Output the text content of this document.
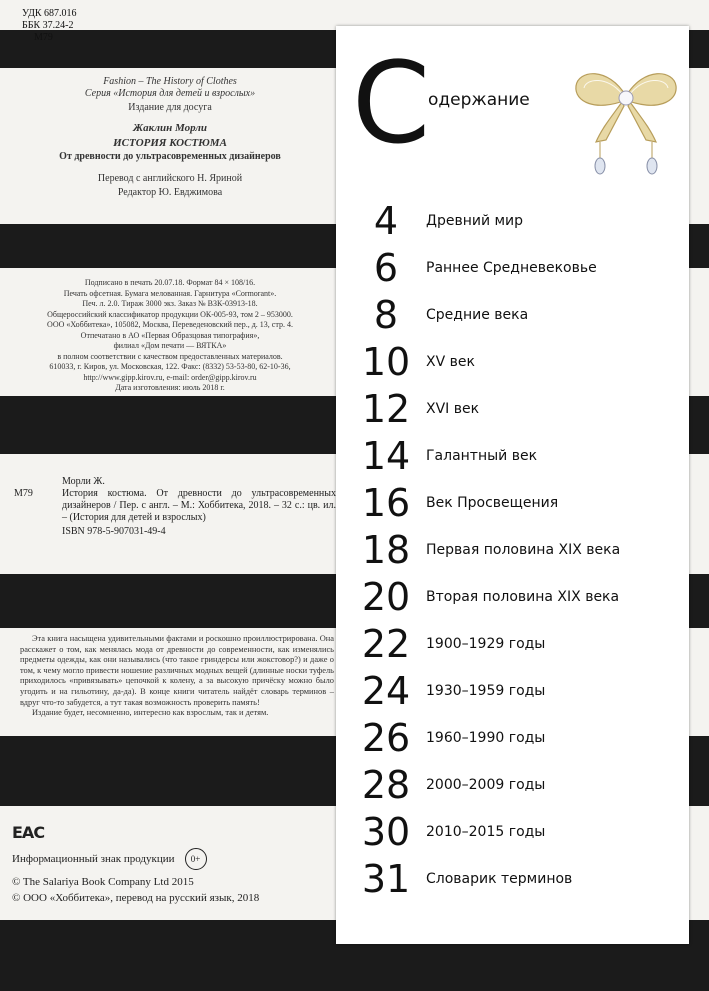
УДК 687.016
ББК 37.24-2
М79
Fashion – The History of Clothes
Серия «История для детей и взрослых»
Издание для досуга
Жаклин Морли
ИСТОРИЯ КОСТЮМА
От древности до ультрасовременных дизайнеров
Перевод с английского Н. Яриной
Редактор Ю. Евджимова
Подписано в печать 20.07.18. Формат 84 × 108/16.
Печать офсетная. Бумага мелованная. Гарнитура «Cormorant».
Печ. л. 2.0. Тираж 3000 экз. Заказ № ВЗК-03913-18.
Общероссийский классификатор продукции ОК-005-93, том 2 – 953000.
ООО «Хоббитека», 105082, Москва, Переведеновский пер., д. 13, стр. 4.
Отпечатано в АО «Первая Образцовая типография»,
филиал «Дом печати — ВЯТКА»
в полном соответствии с качеством предоставленных материалов.
610033, г. Киров, ул. Московская, 122. Факс: (8332) 53-53-80, 62-10-36,
http://www.gipp.kirov.ru, e-mail: order@gipp.kirov.ru
Дата изготовления: июль 2018 г.
Морли Ж.
М79	История костюма. От древности до ультрасовременных дизайнеров / Пер. с англ. – М.: Хоббитека, 2018. – 32 с.: цв. ил. – (История для детей и взрослых)
ISBN 978-5-907031-49-4
Эта книга насыщена удивительными фактами и роскошно проиллюстрирована. Она расскажет о том, как менялась мода от древности до современности, как изменялись предметы одежды, как они назывались (что такое гриндерсы или жокстовор?) и даже о том, к чему могло привести ношение различных модных вещей (длинные носки туфель приходилось «привязывать» цепочкой к колену, а за высокую причёску можно было угодить и на гильотину, да-да). В конце книги читатель найдёт словарь терминов – вдруг что-то забудется, а тут такая возможность проверить память!
Издание будет, несомненно, интересно как взрослым, так и детям.
ЕАС
Информационный знак продукции	0+
© The Salariya Book Company Ltd 2015
© ООО «Хоббитека», перевод на русский язык, 2018
С
одержание
4	Древний мир
6	Раннее Средневековье
8	Средние века
10	XV век
12	XVI век
14	Галантный век
16	Век Просвещения
18	Первая половина XIX века
20	Вторая половина XIX века
22	1900–1929 годы
24	1930–1959 годы
26	1960–1990 годы
28	2000–2009 годы
30	2010–2015 годы
31	Словарик терминов
